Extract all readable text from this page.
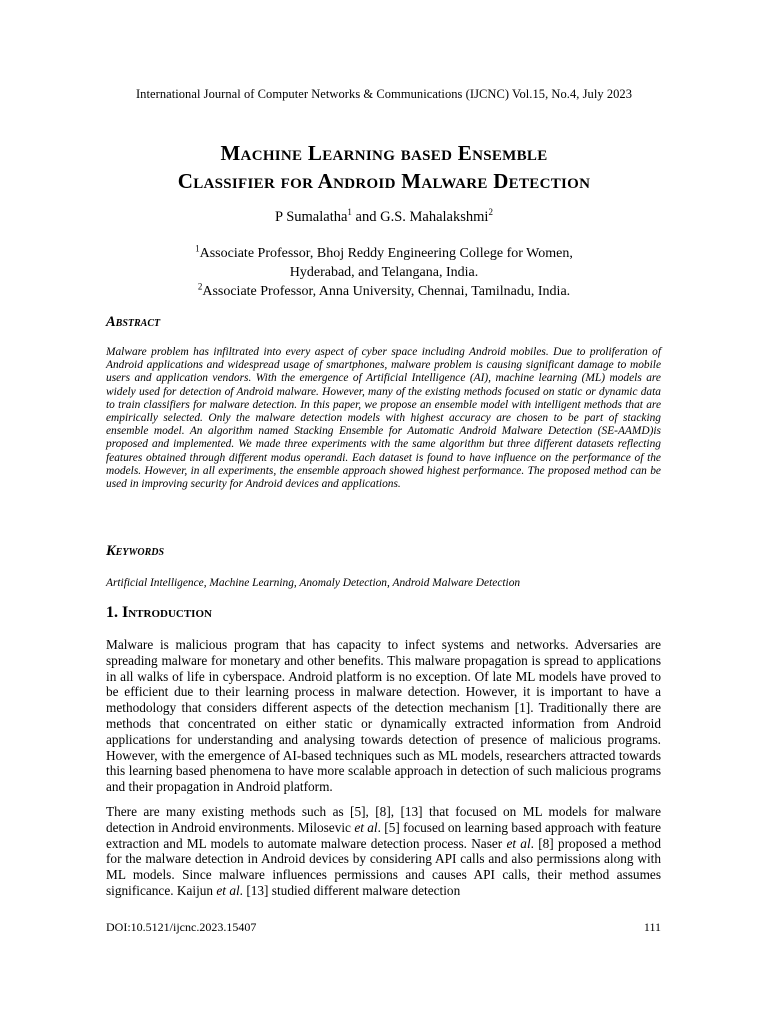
International Journal of Computer Networks & Communications (IJCNC) Vol.15, No.4, July 2023
Machine Learning based Ensemble
Classifier for Android Malware Detection
P Sumalatha$^1$ and G.S. Mahalakshmi$^2$
$^1$Associate Professor, Bhoj Reddy Engineering College for Women,
Hyderabad, and Telangana, India.
$^2$Associate Professor, Anna University, Chennai, Tamilnadu, India.
Abstract
Malware problem has infiltrated into every aspect of cyber space including Android mobiles. Due to proliferation of Android applications and widespread usage of smartphones, malware problem is causing significant damage to mobile users and application vendors. With the emergence of Artificial Intelligence (AI), machine learning (ML) models are widely used for detection of Android malware. However, many of the existing methods focused on static or dynamic data to train classifiers for malware detection. In this paper, we propose an ensemble model with intelligent methods that are empirically selected. Only the malware detection models with highest accuracy are chosen to be part of stacking ensemble model. An algorithm named Stacking Ensemble for Automatic Android Malware Detection (SE-AAMD)is proposed and implemented. We made three experiments with the same algorithm but three different datasets reflecting features obtained through different modus operandi. Each dataset is found to have influence on the performance of the models. However, in all experiments, the ensemble approach showed highest performance. The proposed method can be used in improving security for Android devices and applications.
Keywords
Artificial Intelligence, Machine Learning, Anomaly Detection, Android Malware Detection
1. Introduction
Malware is malicious program that has capacity to infect systems and networks. Adversaries are spreading malware for monetary and other benefits. This malware propagation is spread to applications in all walks of life in cyberspace. Android platform is no exception. Of late ML models have proved to be efficient due to their learning process in malware detection. However, it is important to have a methodology that considers different aspects of the detection mechanism [1]. Traditionally there are methods that concentrated on either static or dynamically extracted information from Android applications for understanding and analysing towards detection of presence of malicious programs. However, with the emergence of AI-based techniques such as ML models, researchers attracted towards this learning based phenomena to have more scalable approach in detection of such malicious programs and their propagation in Android platform.
There are many existing methods such as [5], [8], [13] that focused on ML models for malware detection in Android environments. Milosevic et al. [5] focused on learning based approach with feature extraction and ML models to automate malware detection process. Naser et al. [8] proposed a method for the malware detection in Android devices by considering API calls and also permissions along with ML models. Since malware influences permissions and causes API calls, their method assumes significance. Kaijun et al. [13] studied different malware detection
DOI:10.5121/ijcnc.2023.15407	111
